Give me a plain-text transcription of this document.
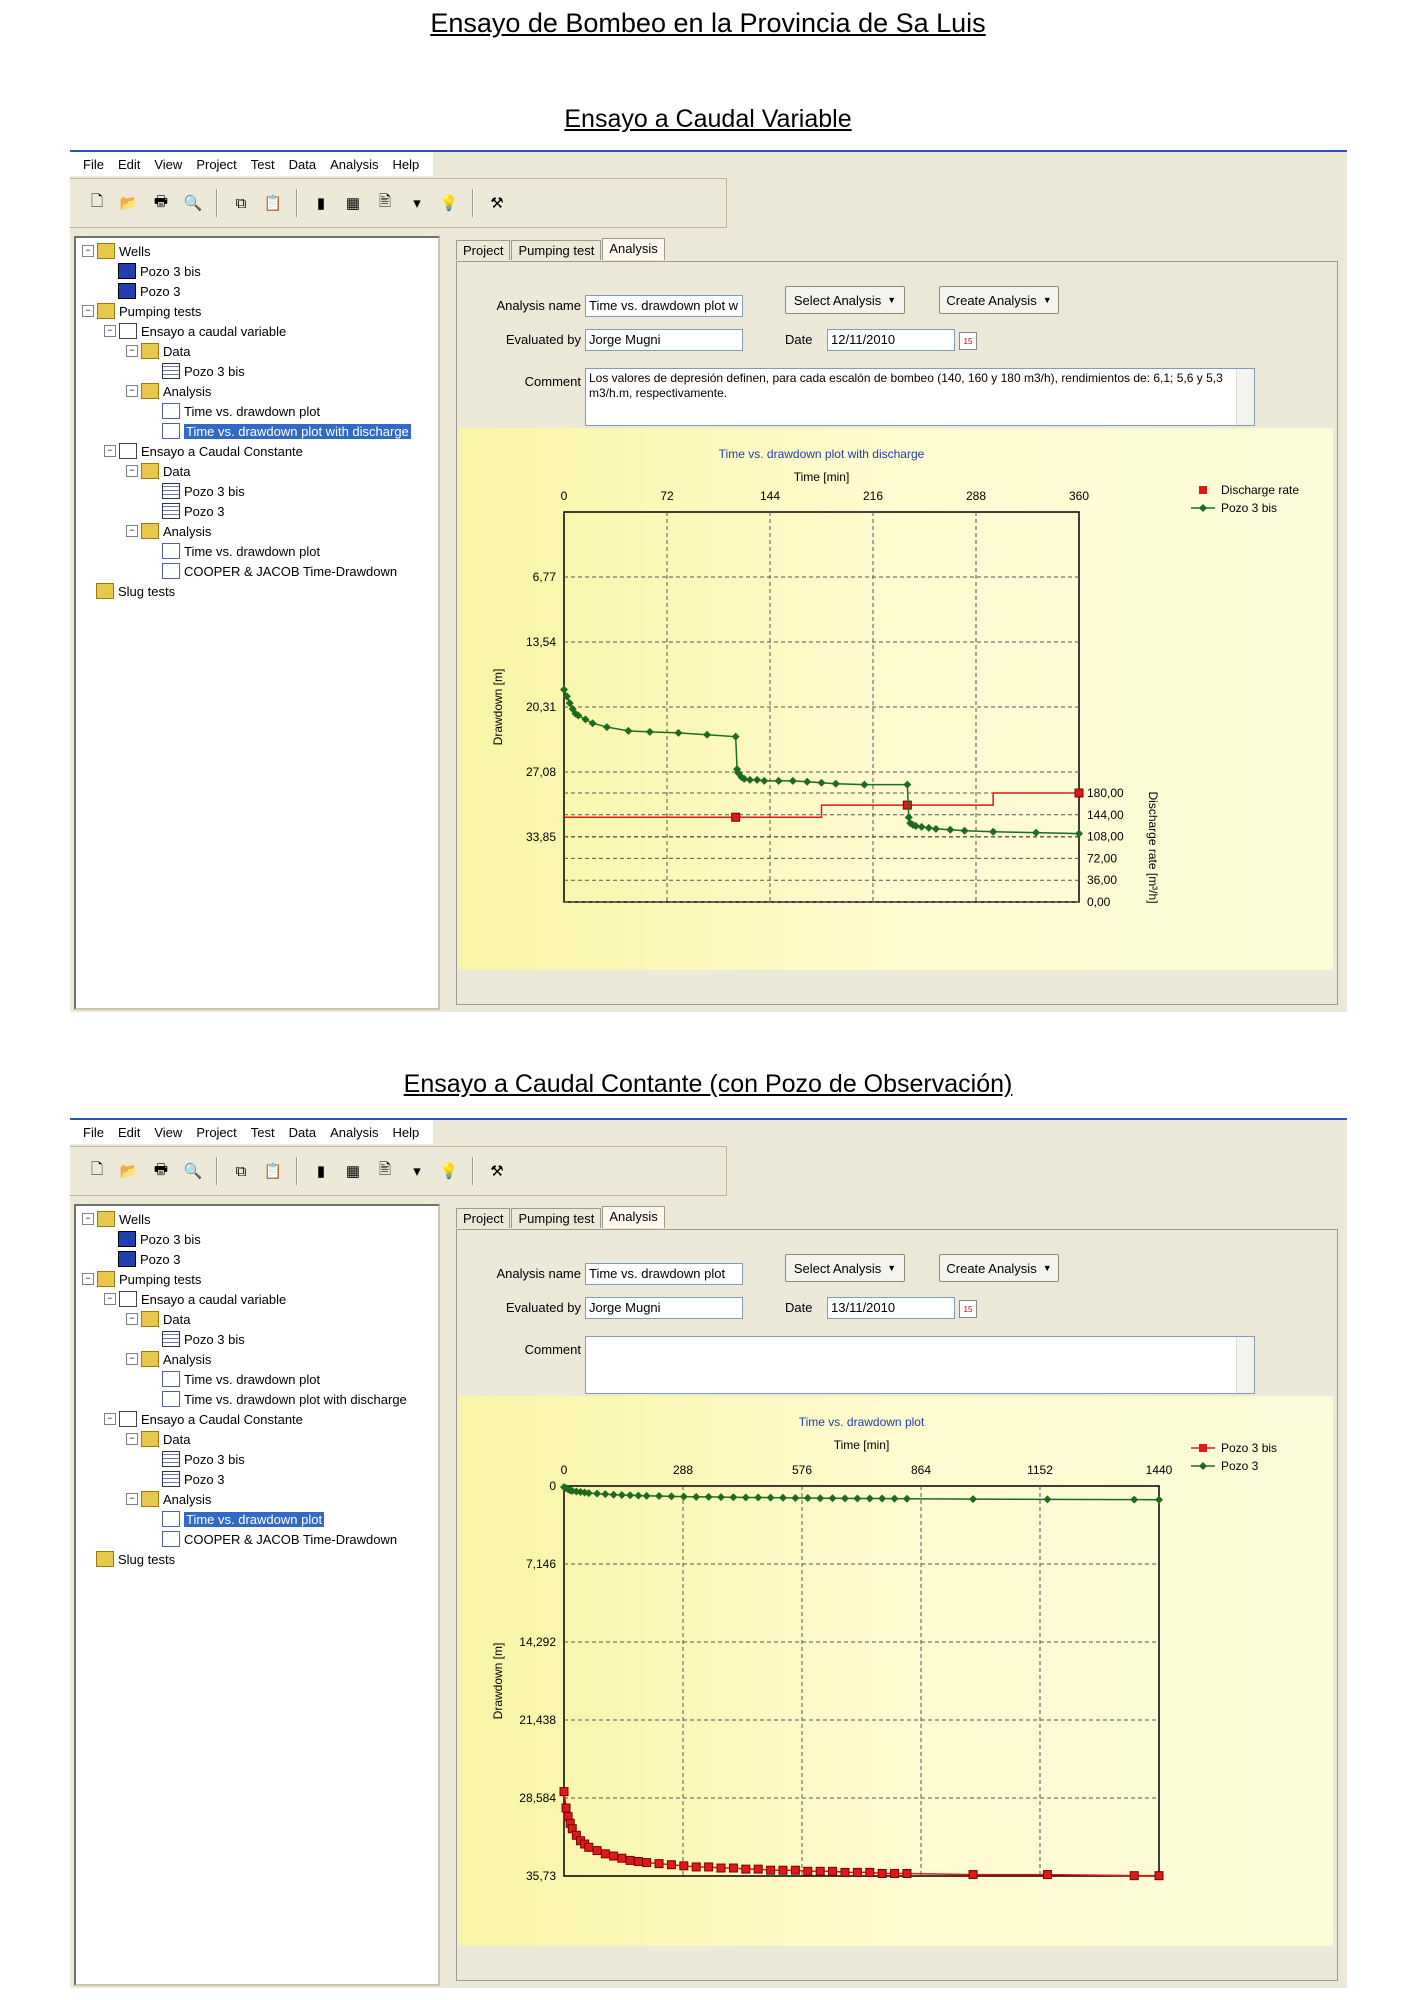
Ensayo de Bombeo en la Provincia de Sa Luis
Ensayo a Caudal Variable
Ensayo a Caudal Contante (con Pozo de Observación)
File	Edit	View	Project	Test	Data	Analysis	Help
🗋	📂 🖶 🔍	⧉	📋	▮	▦	🖹	▾	💡 ⚒
− Wells
Pozo 3 bis
Pozo 3
− Pumping tests
− Ensayo a caudal variable
− Data
Pozo 3 bis
− Analysis
Time vs. drawdown plot
Time vs. drawdown plot with discharge
− Ensayo a Caudal Constante
− Data
Pozo 3 bis
Pozo 3
− Analysis
Time vs. drawdown plot
COOPER & JACOB Time-Drawdown
Slug tests
Project	Pumping test	Analysis
Analysis name Time vs. drawdown plot w
Evaluated by Jorge Mugni
Select Analysis ▼	Create Analysis ▼
Date	12/11/2010	15
Comment Los valores de depresión definen, para cada escalón de bombeo (140, 160 y 180 m3/h), rendimientos de: 6,1; 5,6 y 5,3 m3/h.m, respectivamente.
Time vs. drawdown plot with discharge
Time [min]
0	72	144	216	288	360
6,77
13,54
20,31
27,08
33,85
Drawdown [m]
180,00
144,00
108,00
72,00
36,00
0,00	Discharge rate [m³/h]
Discharge rate
Pozo 3 bis
File	Edit	View	Project	Test	Data	Analysis	Help
🗋	📂 🖶 🔍	⧉	📋	▮	▦	🖹	▾	💡 ⚒
− Wells
Pozo 3 bis
Pozo 3
− Pumping tests
− Ensayo a caudal variable
− Data
Pozo 3 bis
− Analysis
Time vs. drawdown plot
Time vs. drawdown plot with discharge
− Ensayo a Caudal Constante
− Data
Pozo 3 bis
Pozo 3
− Analysis
Time vs. drawdown plot
COOPER & JACOB Time-Drawdown
Slug tests
Project	Pumping test	Analysis
Analysis name Time vs. drawdown plot
Evaluated by Jorge Mugni
Select Analysis ▼	Create Analysis ▼
Date	13/11/2010	15
Comment
Time vs. drawdown plot
Time [min]
0	288	576	864	1152	1440
0
7,146
14,292
21,438
28,584
35,73
Drawdown [m]
Pozo 3 bis
Pozo 3
